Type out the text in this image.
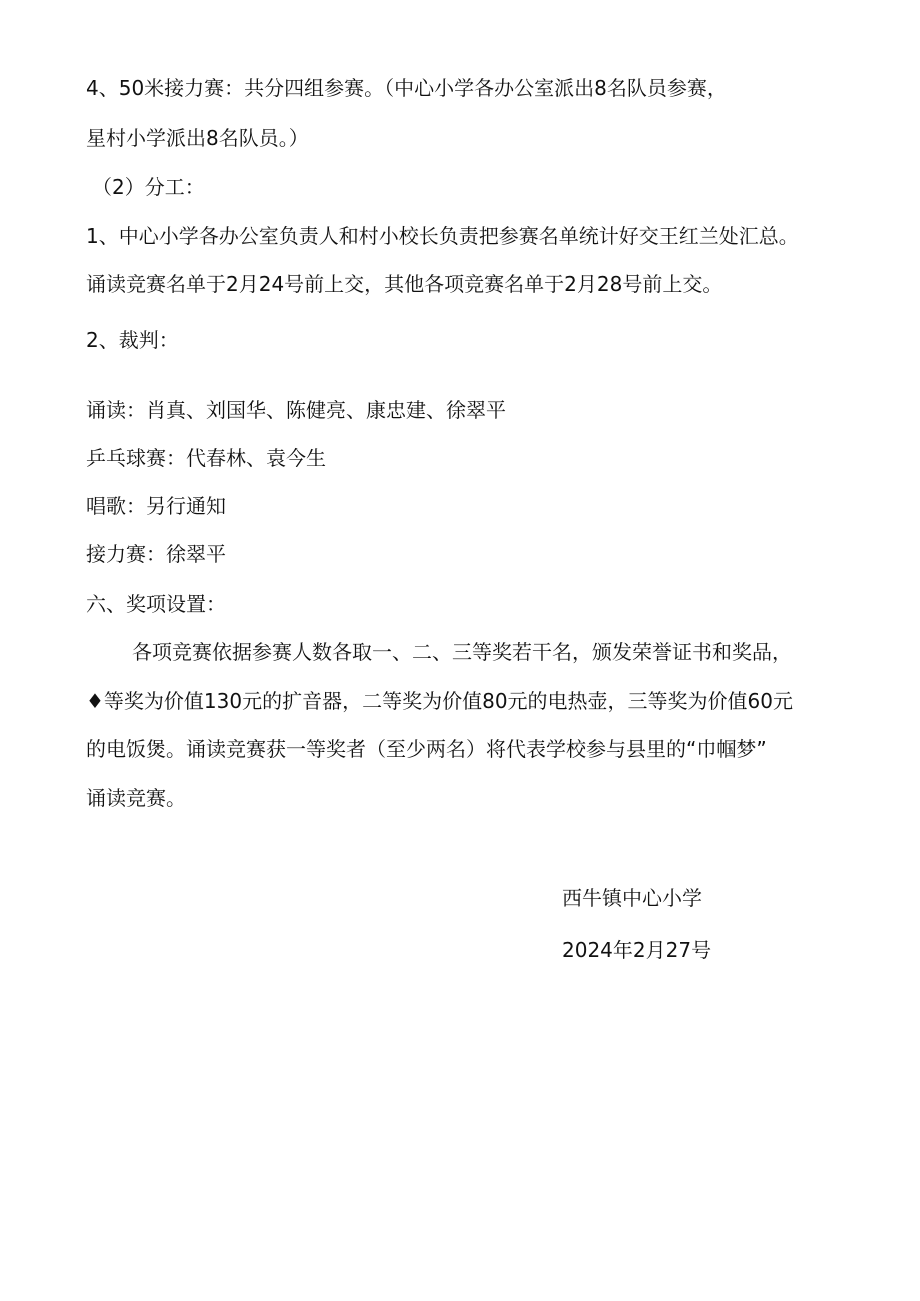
4、50米接力赛：共分四组参赛。（中心小学各办公室派出8名队员参赛，
星村小学派出8名队员。）
（2）分工：
1、中心小学各办公室负责人和村小校长负责把参赛名单统计好交王红兰处汇总。
诵读竞赛名单于2月24号前上交，其他各项竞赛名单于2月28号前上交。
2、裁判：
诵读：肖真、刘国华、陈健亮、康忠建、徐翠平
乒乓球赛：代春林、袁今生
唱歌：另行通知
接力赛：徐翠平
六、奖项设置：
各项竞赛依据参赛人数各取一、二、三等奖若干名，颁发荣誉证书和奖品，
♦等奖为价值130元的扩音器，二等奖为价值80元的电热壶，三等奖为价值60元
的电饭煲。诵读竞赛获一等奖者（至少两名）将代表学校参与县里的“巾帼梦”
诵读竞赛。
西牛镇中心小学
2024年2月27号
